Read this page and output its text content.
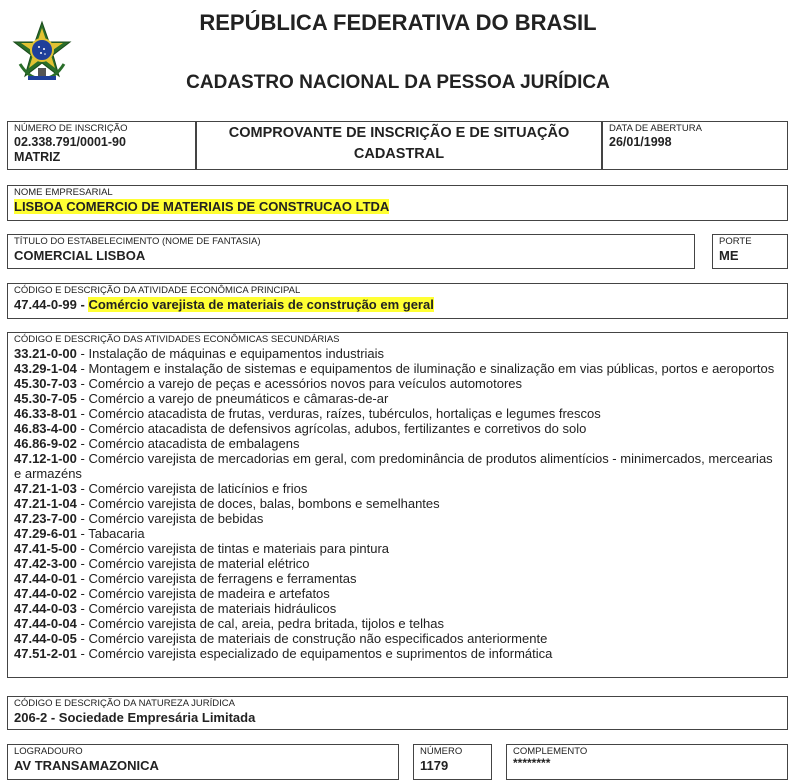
REPÚBLICA FEDERATIVA DO BRASIL
CADASTRO NACIONAL DA PESSOA JURÍDICA
NÚMERO DE INSCRIÇÃO
02.338.791/0001-90
MATRIZ
COMPROVANTE DE INSCRIÇÃO E DE SITUAÇÃO
CADASTRAL
DATA DE ABERTURA
26/01/1998
NOME EMPRESARIAL
LISBOA COMERCIO DE MATERIAIS DE CONSTRUCAO LTDA
TÍTULO DO ESTABELECIMENTO (NOME DE FANTASIA)
COMERCIAL LISBOA
PORTE
ME
CÓDIGO E DESCRIÇÃO DA ATIVIDADE ECONÔMICA PRINCIPAL
47.44-0-99 - Comércio varejista de materiais de construção em geral
CÓDIGO E DESCRIÇÃO DAS ATIVIDADES ECONÔMICAS SECUNDÁRIAS
33.21-0-00 - Instalação de máquinas e equipamentos industriais
43.29-1-04 - Montagem e instalação de sistemas e equipamentos de iluminação e sinalização em vias públicas, portos e aeroportos
45.30-7-03 - Comércio a varejo de peças e acessórios novos para veículos automotores
45.30-7-05 - Comércio a varejo de pneumáticos e câmaras-de-ar
46.33-8-01 - Comércio atacadista de frutas, verduras, raízes, tubérculos, hortaliças e legumes frescos
46.83-4-00 - Comércio atacadista de defensivos agrícolas, adubos, fertilizantes e corretivos do solo
46.86-9-02 - Comércio atacadista de embalagens
47.12-1-00 - Comércio varejista de mercadorias em geral, com predominância de produtos alimentícios - minimercados, mercearias e armazéns
47.21-1-03 - Comércio varejista de laticínios e frios
47.21-1-04 - Comércio varejista de doces, balas, bombons e semelhantes
47.23-7-00 - Comércio varejista de bebidas
47.29-6-01 - Tabacaria
47.41-5-00 - Comércio varejista de tintas e materiais para pintura
47.42-3-00 - Comércio varejista de material elétrico
47.44-0-01 - Comércio varejista de ferragens e ferramentas
47.44-0-02 - Comércio varejista de madeira e artefatos
47.44-0-03 - Comércio varejista de materiais hidráulicos
47.44-0-04 - Comércio varejista de cal, areia, pedra britada, tijolos e telhas
47.44-0-05 - Comércio varejista de materiais de construção não especificados anteriormente
47.51-2-01 - Comércio varejista especializado de equipamentos e suprimentos de informática
CÓDIGO E DESCRIÇÃO DA NATUREZA JURÍDICA
206-2 - Sociedade Empresária Limitada
LOGRADOURO
AV TRANSAMAZONICA
NÚMERO
1179
COMPLEMENTO
********
